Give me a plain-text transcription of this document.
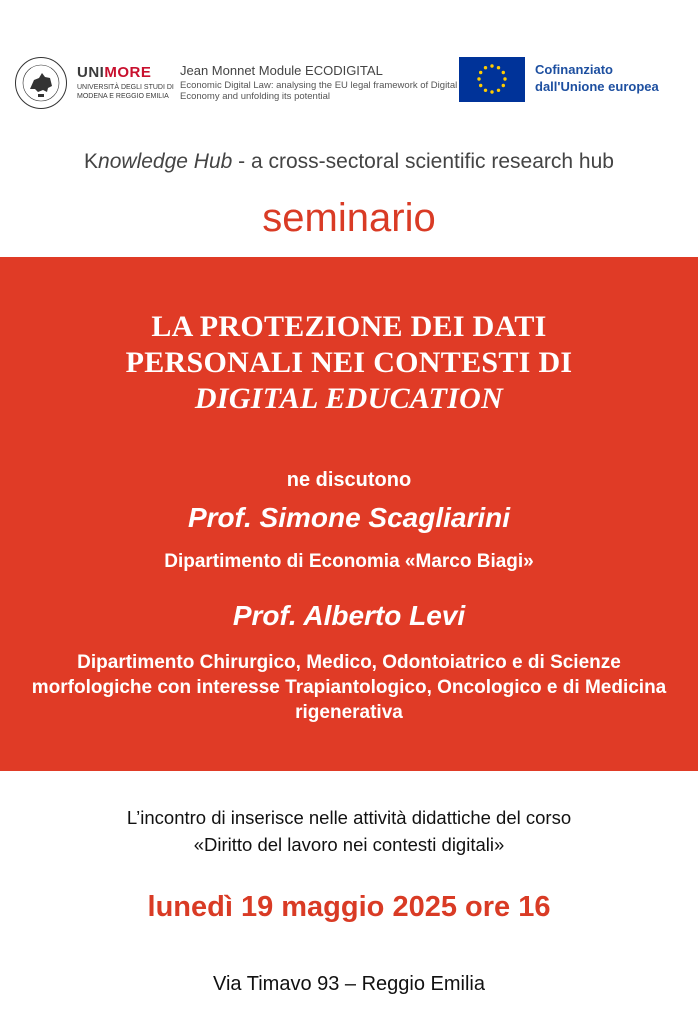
UNIMORE
UNIVERSITÀ DEGLI STUDI DI
MODENA E REGGIO EMILIA
Jean Monnet Module ECODIGITAL
Economic Digital Law: analysing the EU legal framework of Digital Economy and unfolding its potential
Cofinanziato
dall'Unione europea
Knowledge Hub - a cross-sectoral scientific research hub
seminario
LA PROTEZIONE DEI DATI
PERSONALI NEI CONTESTI DI
DIGITAL EDUCATION
ne discutono
Prof. Simone Scagliarini
Dipartimento di Economia «Marco Biagi»
Prof. Alberto Levi
Dipartimento Chirurgico, Medico, Odontoiatrico e di Scienze morfologiche con interesse Trapiantologico, Oncologico e di Medicina rigenerativa
L’incontro di inserisce nelle attività didattiche del corso
«Diritto del lavoro nei contesti digitali»
lunedì 19 maggio 2025 ore 16
Via Timavo 93 – Reggio Emilia
